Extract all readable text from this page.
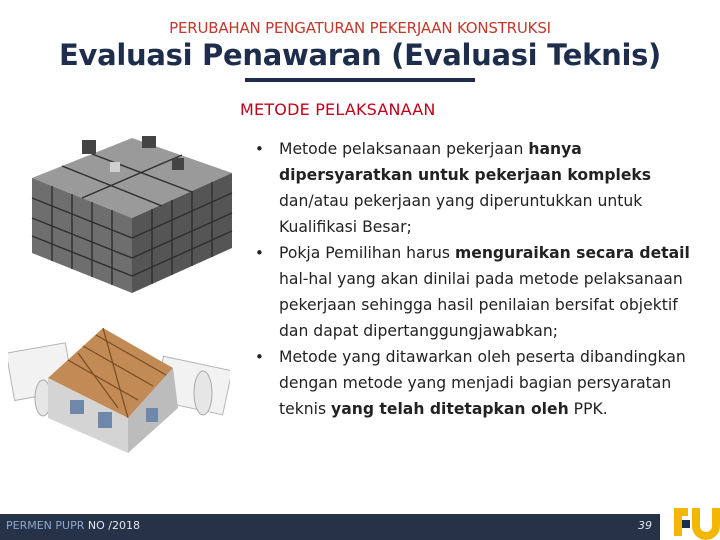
PERUBAHAN PENGATURAN PEKERJAAN KONSTRUKSI
Evaluasi Penawaran (Evaluasi Teknis)
METODE PELAKSANAAN
• Metode pelaksanaan pekerjaan hanya dipersyaratkan untuk pekerjaan kompleks dan/atau pekerjaan yang diperuntukkan untuk Kualifikasi Besar;
• Pokja Pemilihan harus menguraikan secara detail hal-hal yang akan dinilai pada metode pelaksanaan pekerjaan sehingga hasil penilaian bersifat objektif dan dapat dipertanggungjawabkan;
• Metode yang ditawarkan oleh peserta dibandingkan dengan metode yang menjadi bagian persyaratan teknis yang telah ditetapkan oleh PPK.
PERMEN PUPR NO /2018	39
